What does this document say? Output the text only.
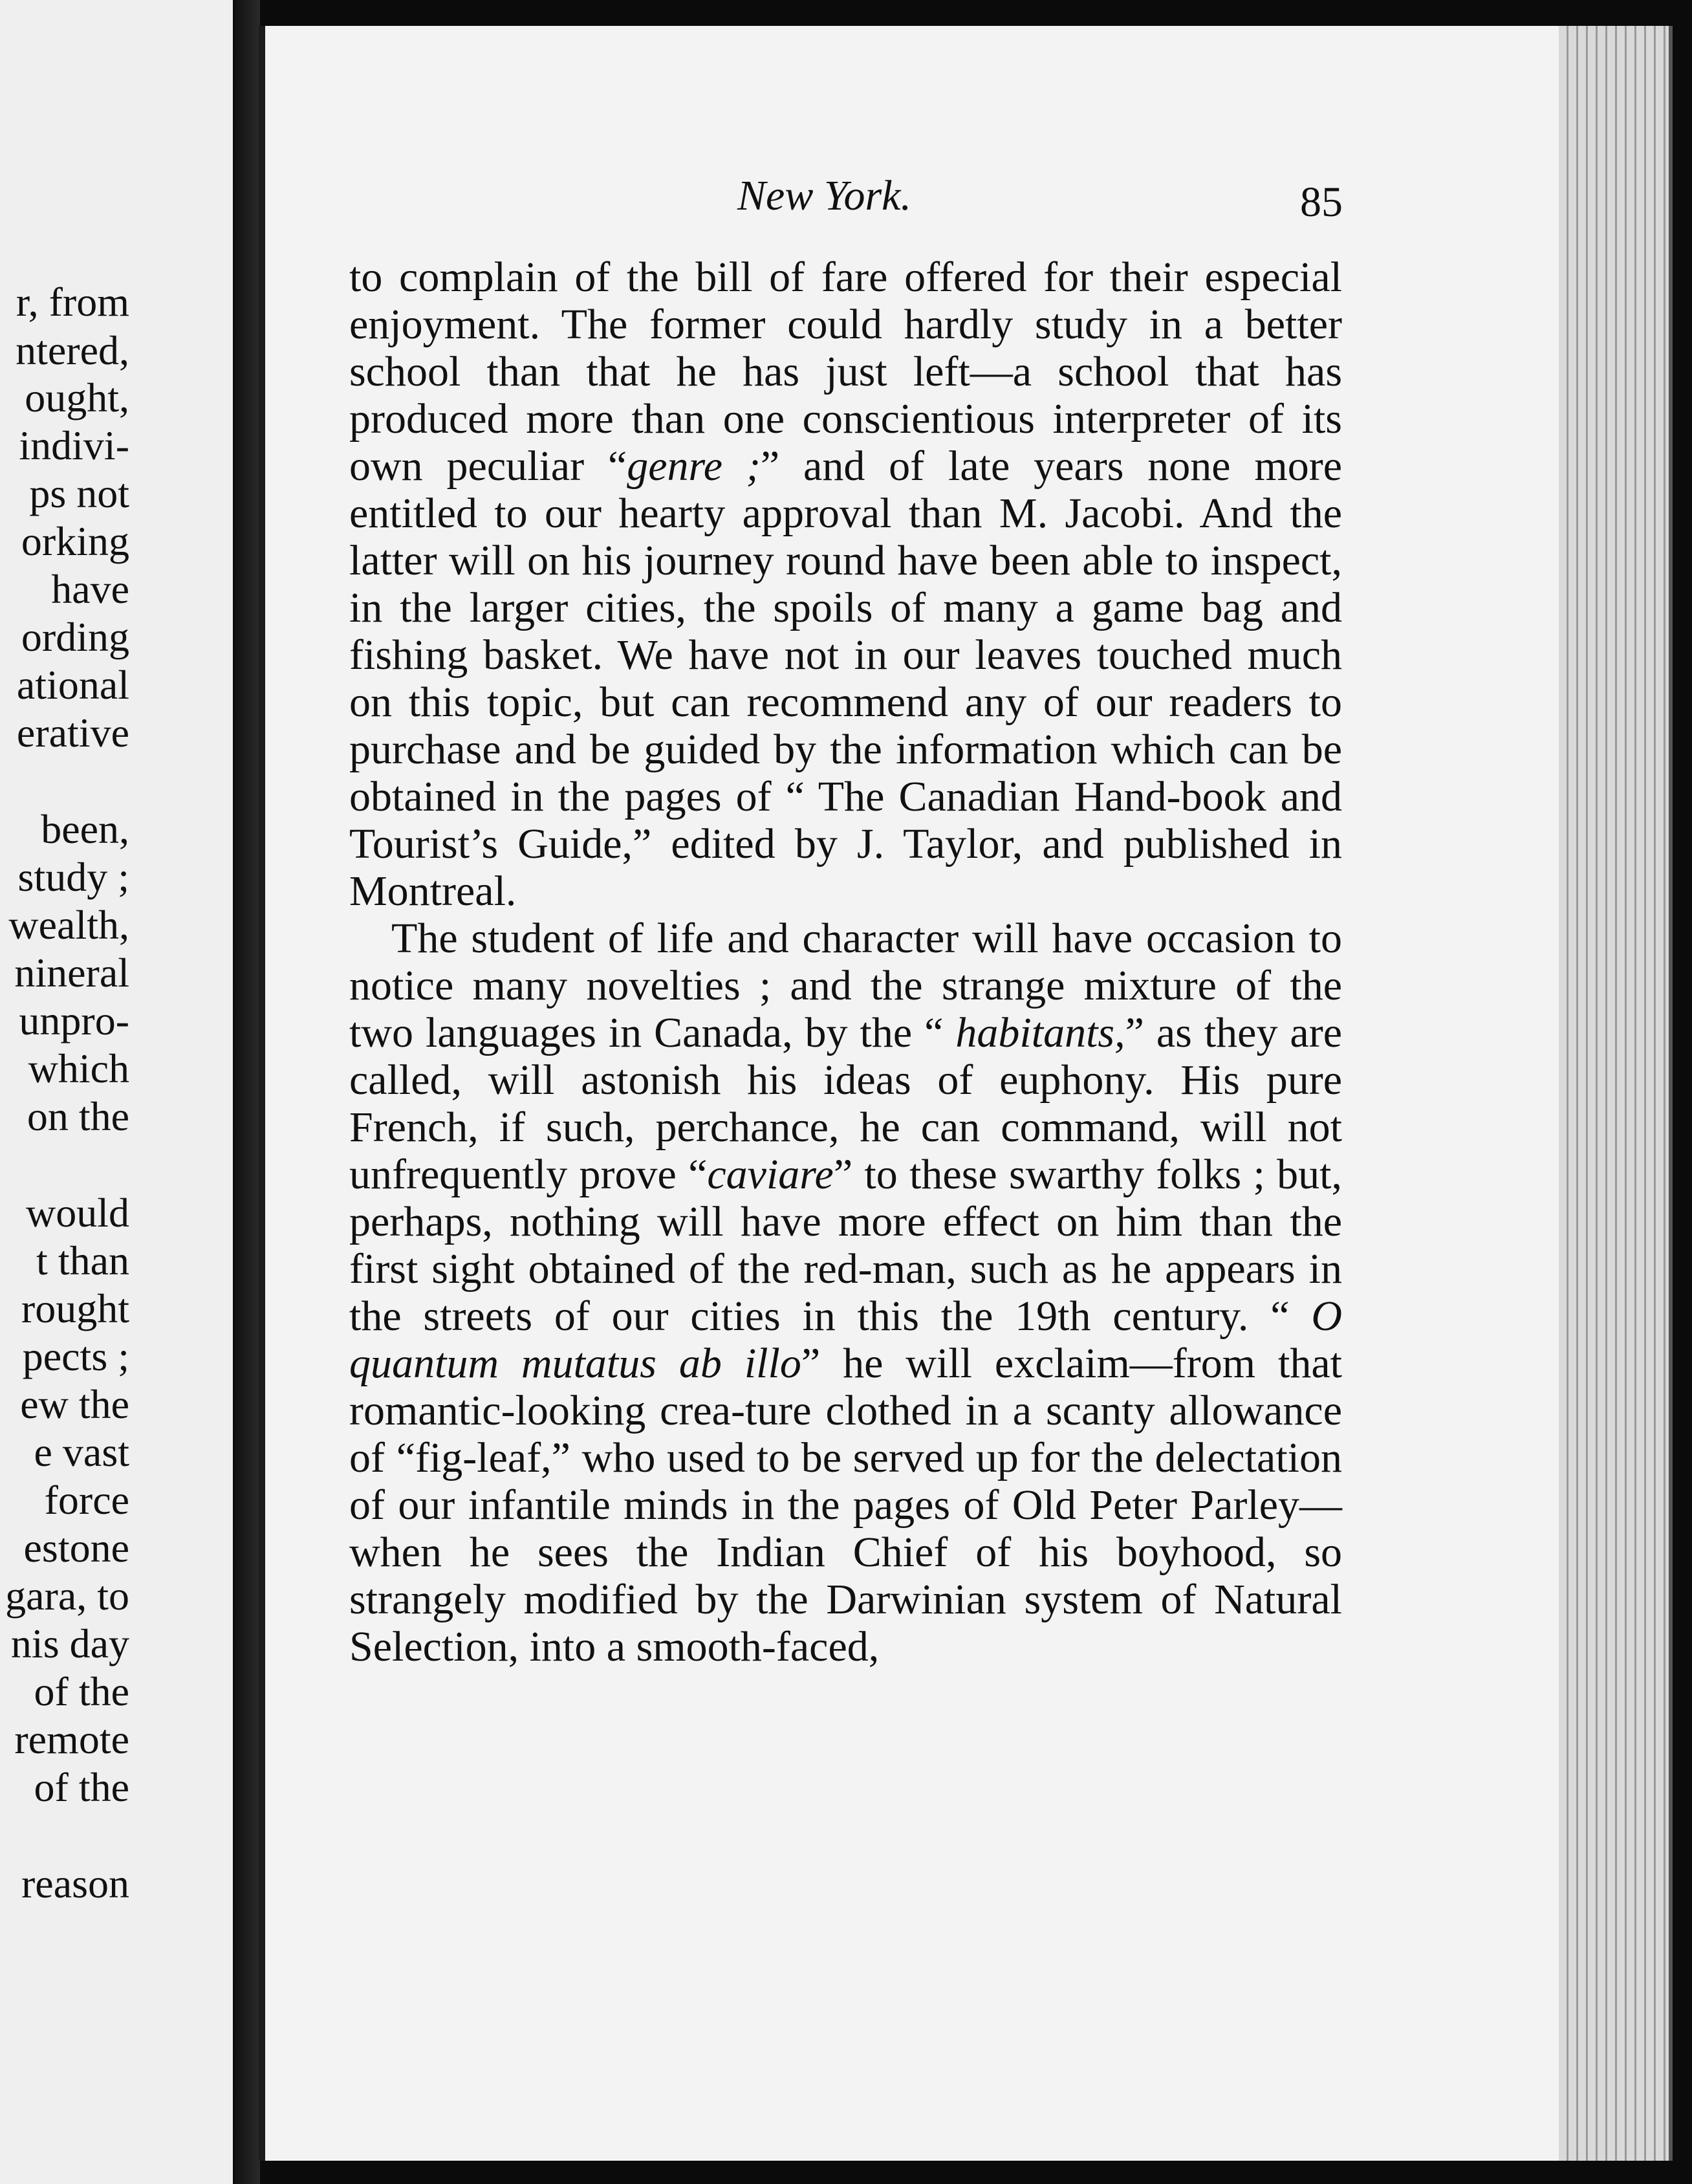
r, from
ntered,
ought,
indivi-
ps not
orking
have
ording
ational
erative
been,
study ;
wealth,
nineral
unpro-
which
on the
would
t than
rought
pects ;
ew the
e vast
force
estone
gara, to
nis day
of the
remote
of the
reason
New York.	85

to complain of the bill of fare offered for their especial enjoyment. The former could hardly study in a better school than that he has just left—a school that has produced more than one conscientious interpreter of its own peculiar “genre ;” and of late years none more entitled to our hearty approval than M. Jacobi. And the latter will on his journey round have been able to inspect, in the larger cities, the spoils of many a game bag and fishing basket. We have not in our leaves touched much on this topic, but can recommend any of our readers to purchase and be guided by the information which can be obtained in the pages of “ The Canadian Hand-book and Tourist’s Guide,” edited by J. Taylor, and published in Montreal.

The student of life and character will have occasion to notice many novelties ; and the strange mixture of the two languages in Canada, by the “ habitants,” as they are called, will astonish his ideas of euphony. His pure French, if such, perchance, he can command, will not unfrequently prove “caviare” to these swarthy folks ; but, perhaps, nothing will have more effect on him than the first sight obtained of the red-man, such as he appears in the streets of our cities in this the 19th century. “ O quantum mutatus ab illo” he will exclaim—from that romantic-looking crea-ture clothed in a scanty allowance of “fig-leaf,” who used to be served up for the delectation of our infantile minds in the pages of Old Peter Parley—when he sees the Indian Chief of his boyhood, so strangely modified by the Darwinian system of Natural Selection, into a smooth-faced,
